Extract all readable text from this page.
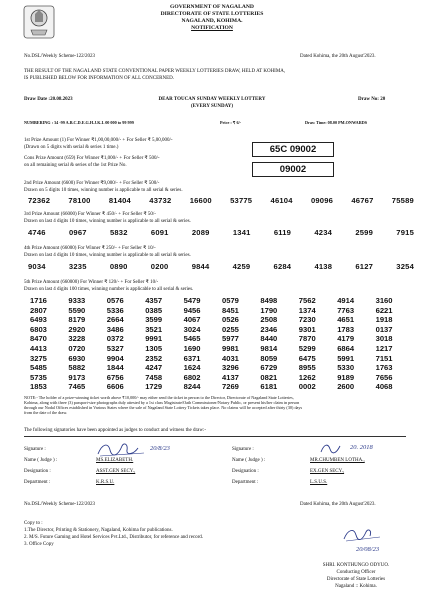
GOVERNMENT OF NAGALAND
DIRECTORATE OF STATE LOTTERIES
NAGALAND, KOHIMA.
NOTIFICATION
No.DSL/Weekly Scheme-122/2023	Dated Kohima, the 20th August'2023.
THE RESULT OF THE NAGALAND STATE CONVENTIONAL PAPER WEEKLY LOTTERIES DRAW, HELD AT KOHIMA,
IS PUBLISHED BELOW FOR INFORMATION OF ALL CONCERNED.
Draw Date :20.08.2023	DEAR TOUCAN SUNDAY WEEKLY LOTTERY
(EVERY SUNDAY)
Draw No: 20
NUMBERING : 34 -99 A.B.C.D.E.G.H.J.K.L 00 000 to 99 999	Price : ₹ 6/-	Draw Time: 08.00 PM.ONWARDS
1st Prize Amount (1) For Winner ₹1,00,00,000/- + For Seller ₹ 5,00,000/-
(Drawn on 5 digits with serial & series 1 time.)	65C 09002
Cons Prize Amount (659) For Winner ₹1,000/- + For Seller ₹ 500/-
on all remaining serial & series of the 1st Prize No.	09002
2nd Prize Amount (6600) For Winner ₹9,000/- + For Seller ₹ 500/-
Drawn on 5 digits 10 times, winning number is applicable to all serial & series.
72362 78100 81404 43732 16600 53775 46104 09096 46767 75589
3rd Prize Amount (66000) For Winner ₹ 450/- + For Seller ₹ 50/-
Drawn on last 4 digits 10 times, winning number is applicable to all serial & series.
4746	0967	5832	6091	2089	1341	6119	4234	2599	7915
4th Prize Amount (66000) For Winner ₹ 250/- + For Seller ₹ 10/-
Drawn on last 4 digits 10 times, winning number is applicable to all serial & series.
9034	3235	0890	0200	9844	4259	6284	4138	6127	3254
5th Prize Amount (660000) For Winner ₹ 120/- + For Seller ₹ 10/-
Drawn on last 4 digits 100 times, winning number is applicable to all serial & series.
1716	9333	0576	4357	5479	0579	8498	7562	4914	3160
2807	5590	5336	0385	9456	8451	1790	1374	7763	6221
6493	8179	2664	3599	4067	0526	2508	7230	4651	1918
6803	2920	3486	3521	3024	0255	2346	9301	1783	0137
8470	3228	0372	9991	5465	5977	8440	7870	4179	3018
4413	0720	5327	1305	1690	9981	9814	5299	6864	1217
3275	6930	9904	2352	6371	4031	8059	6475	5991	7151
5485	5882	1844	4247	1624	3296	6729	8955	5330	1763
5735	9173	6756	7458	6802	4137	0821	1262	9189	7656
1853	7465	6606	1729	8244	7269	6181	0002	2600	4068
NOTE:- The holder of a prize-winning ticket worth above ₹10,000/- may either send the ticket in person to the Director, Directorate of Nagaland State Lotteries,
Kohima, along with three (3) passport-size photographs duly attested by a 1st class Magistrate/Oath Commissioner/Notary Public, or present his/her claim in person
through our Nodal Offices established in Various States where the sale of Nagaland State Lottery Tickets takes place. No claims will be accepted after thirty (30) days
from the date of the draw.
The following signatories have been appointed as judges to conduct and witness the draw:-
Signature :
Name ( Judge ) :	MS.ELIZABETH.
Designation :	ASST.GEN SECY.,
Department :	K.R.S.U.
20/8/23	Signature :
Name ( Judge ) :	MR.CHUMBEN LOTHA.,
Designation :	EX.GEN SECY.,
Department :	L.S.U.S.
20. 2018
No.DSL/Weekly Scheme-122/2023	Dated Kohima, the 20th August'2023.
Copy to :
1.The Director, Printing & Stationery, Nagaland, Kohima for publications.
2. M/S. Future Gaming and Hotel Services Pvt.Ltd., Distributor, for reference and record.
3. Office Copy
20/08/23
SHRI. KONTHUNGO ODYUO.
Conducting Officer
Directorate of State Lotteries
Nagaland :: Kohima.
